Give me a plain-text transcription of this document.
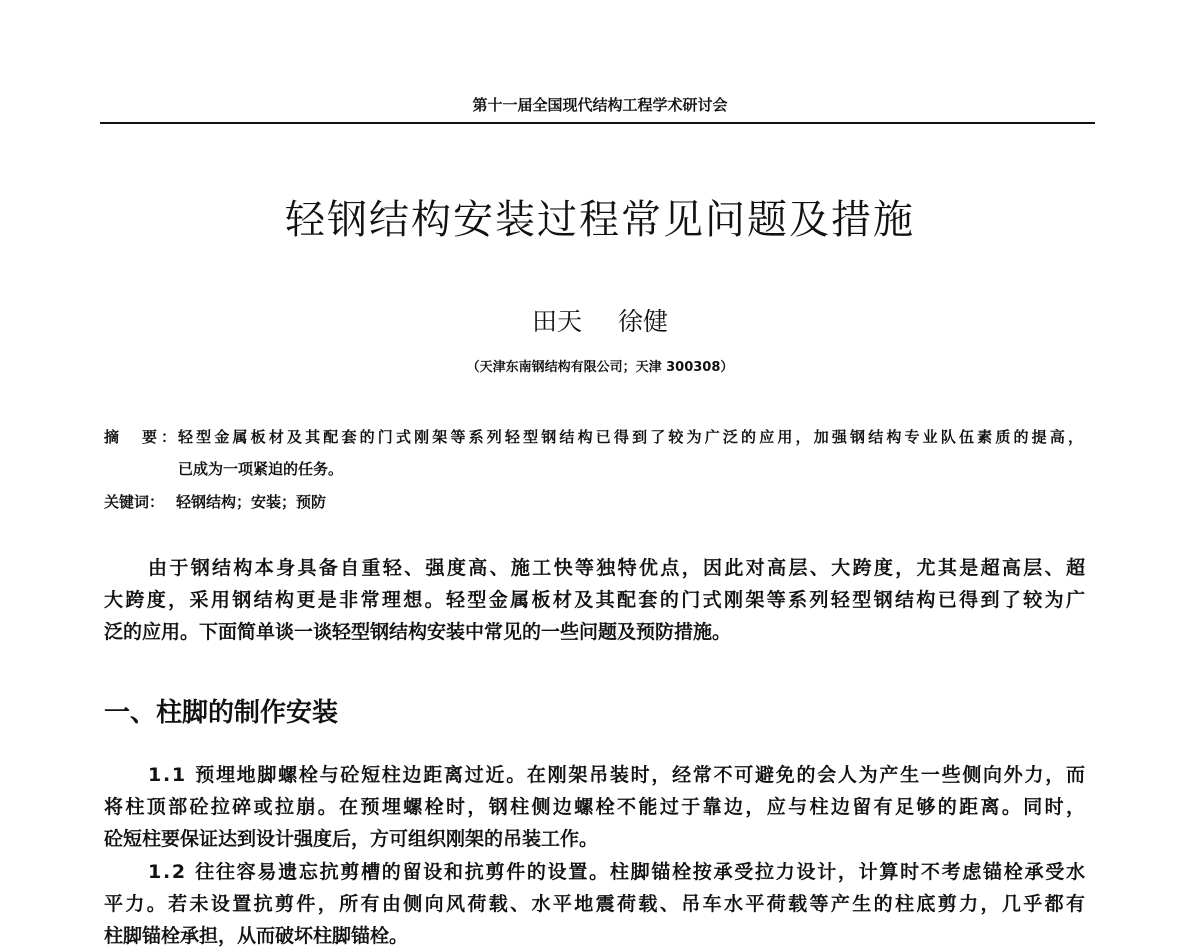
第十一届全国现代结构工程学术研讨会
轻钢结构安装过程常见问题及措施
田天 徐健
（天津东南钢结构有限公司；天津 300308）
摘　要： 轻型金属板材及其配套的门式刚架等系列轻型钢结构已得到了较为广泛的应用，加强钢结构专业队伍素质的提高，
已成为一项紧迫的任务。
关键词： 轻钢结构；安装；预防
由于钢结构本身具备自重轻、强度高、施工快等独特优点，因此对高层、大跨度，尤其是超高层、超
大跨度，采用钢结构更是非常理想。轻型金属板材及其配套的门式刚架等系列轻型钢结构已得到了较为广
泛的应用。下面简单谈一谈轻型钢结构安装中常见的一些问题及预防措施。
一、柱脚的制作安装
1.1 预埋地脚螺栓与砼短柱边距离过近。在刚架吊装时，经常不可避免的会人为产生一些侧向外力，而
将柱顶部砼拉碎或拉崩。在预埋螺栓时，钢柱侧边螺栓不能过于靠边，应与柱边留有足够的距离。同时，
砼短柱要保证达到设计强度后，方可组织刚架的吊装工作。
1.2 往往容易遗忘抗剪槽的留设和抗剪件的设置。柱脚锚栓按承受拉力设计，计算时不考虑锚栓承受水
平力。若未设置抗剪件，所有由侧向风荷载、水平地震荷载、吊车水平荷载等产生的柱底剪力，几乎都有
柱脚锚栓承担，从而破坏柱脚锚栓。
